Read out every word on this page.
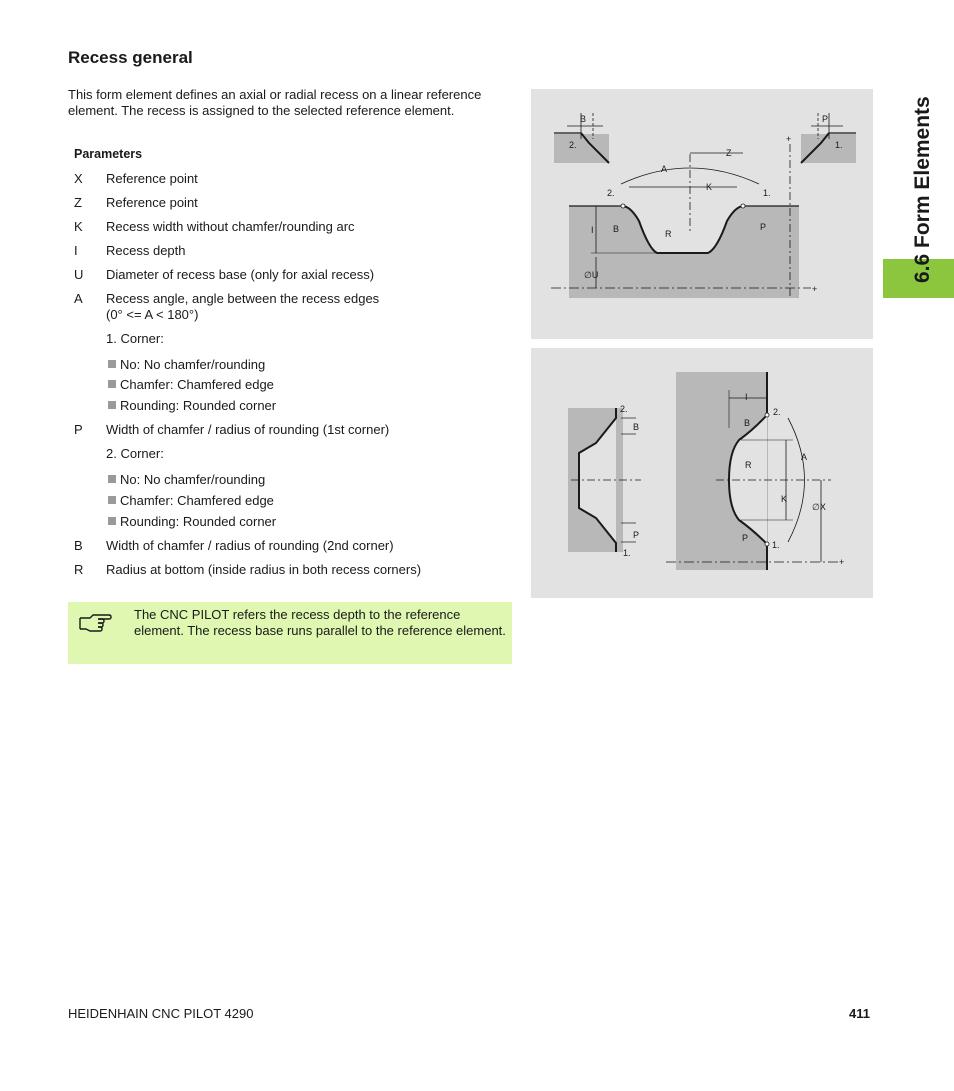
Recess general

This form element defines an axial or radial recess on a linear reference element. The recess is assigned to the selected reference element.

Parameters
X Reference point
Z Reference point
K Recess width without chamfer/rounding arc
I Recess depth
U Diameter of recess base (only for axial recess)
A Recess angle, angle between the recess edges
(0° <= A < 180°)
1. Corner:
No: No chamfer/rounding
Chamfer: Chamfered edge
Rounding: Rounded corner
P Width of chamfer / radius of rounding (1st corner)
2. Corner:
No: No chamfer/rounding
Chamfer: Chamfered edge
Rounding: Rounded corner
B Width of chamfer / radius of rounding (2nd corner)
R Radius at bottom (inside radius in both recess corners)
The CNC PILOT refers the recess depth to the reference element. The recess base runs parallel to the reference element.
B
2.
P
1.
+
+
Z
A
K
2.	1.
I B	P
R
∅U
2.
B
P
1.
+
I
2.
B
R
K
A
∅X
P
1.
6.6 Form Elements
HEIDENHAIN CNC PILOT 4290	411
